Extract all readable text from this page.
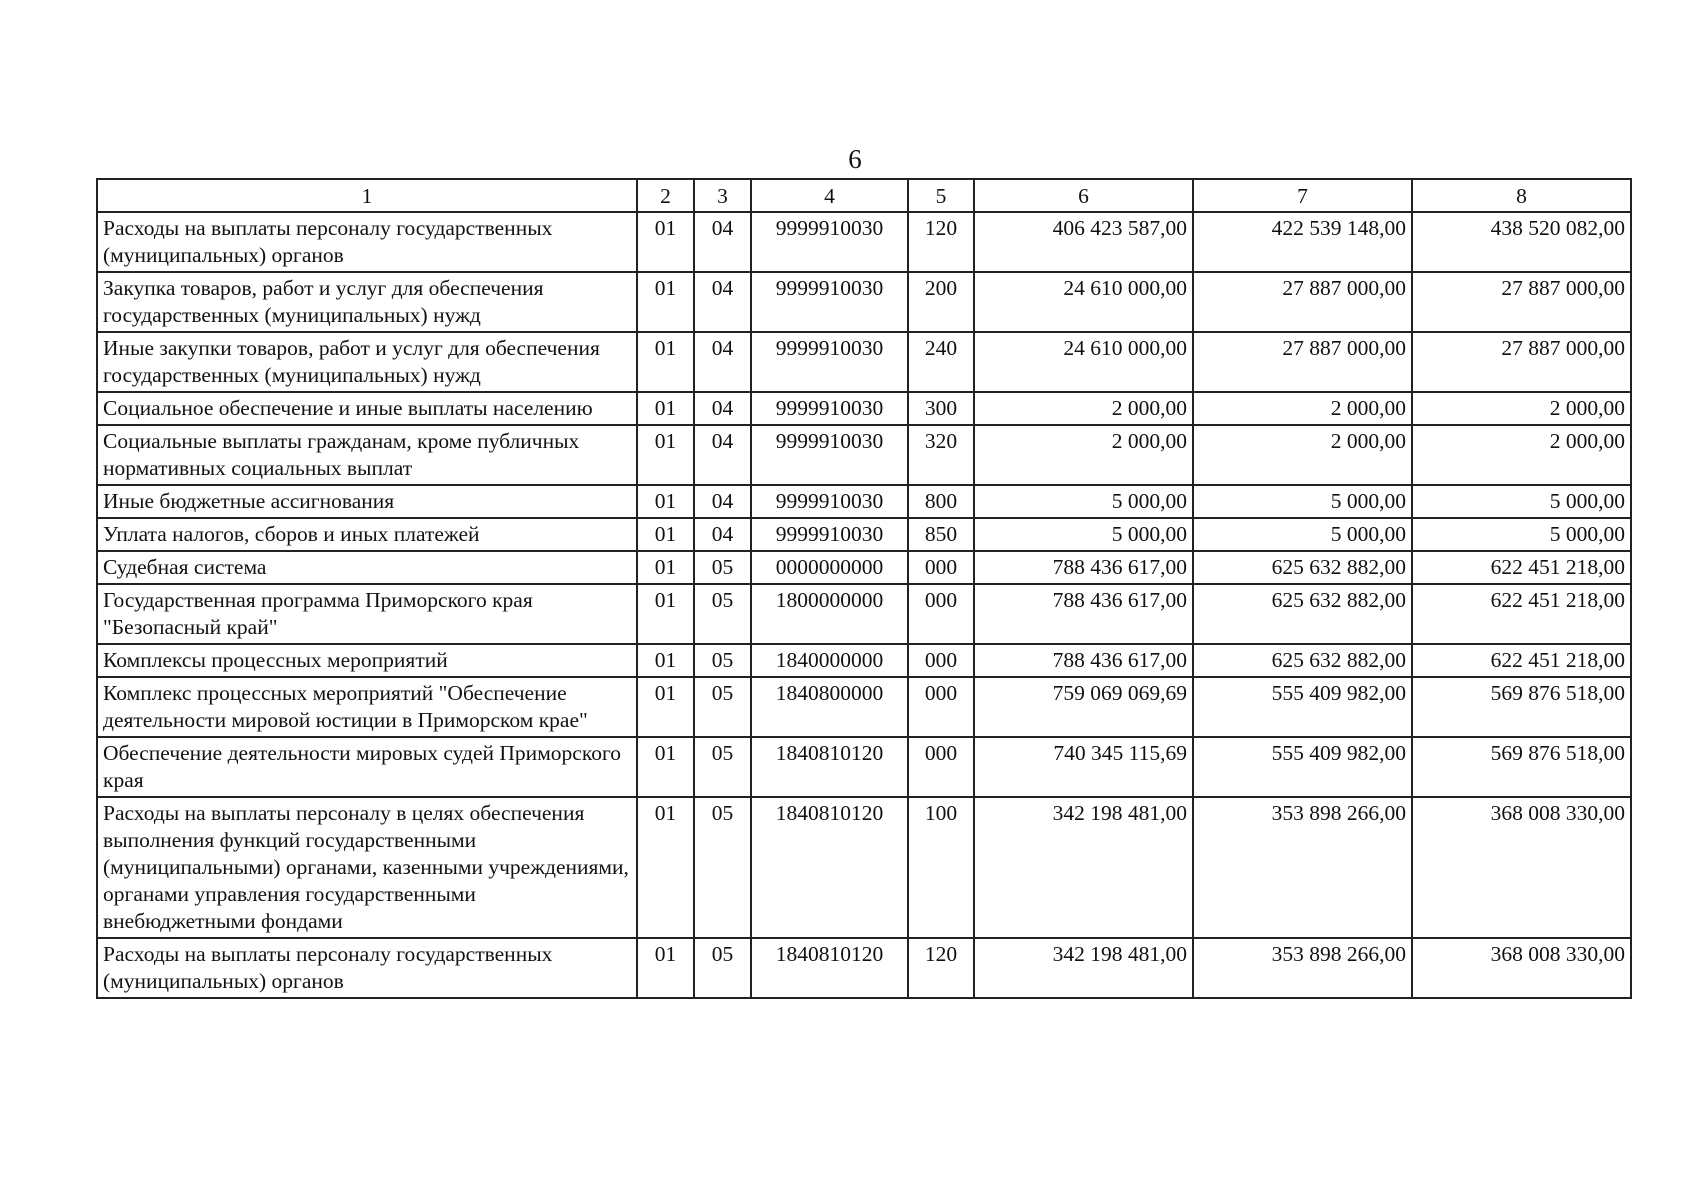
6
1	2	3	4	5	6	7	8
Расходы на выплаты персоналу государственных (муниципальных) органов	01	04	9999910030	120	406 423 587,00	422 539 148,00	438 520 082,00
Закупка товаров, работ и услуг для обеспечения государственных (муниципальных) нужд	01	04	9999910030	200	24 610 000,00	27 887 000,00	27 887 000,00
Иные закупки товаров, работ и услуг для обеспечения государственных (муниципальных) нужд	01	04	9999910030	240	24 610 000,00	27 887 000,00	27 887 000,00
Социальное обеспечение и иные выплаты населению	01	04	9999910030	300	2 000,00	2 000,00	2 000,00
Социальные выплаты гражданам, кроме публичных нормативных социальных выплат	01	04	9999910030	320	2 000,00	2 000,00	2 000,00
Иные бюджетные ассигнования	01	04	9999910030	800	5 000,00	5 000,00	5 000,00
Уплата налогов, сборов и иных платежей	01	04	9999910030	850	5 000,00	5 000,00	5 000,00
Судебная система	01	05	0000000000	000	788 436 617,00	625 632 882,00	622 451 218,00
Государственная программа Приморского края "Безопасный край"	01	05	1800000000	000	788 436 617,00	625 632 882,00	622 451 218,00
Комплексы процессных мероприятий	01	05	1840000000	000	788 436 617,00	625 632 882,00	622 451 218,00
Комплекс процессных мероприятий "Обеспечение деятельности мировой юстиции в Приморском крае"	01	05	1840800000	000	759 069 069,69	555 409 982,00	569 876 518,00
Обеспечение деятельности мировых судей Приморского края	01	05	1840810120	000	740 345 115,69	555 409 982,00	569 876 518,00
Расходы на выплаты персоналу в целях обеспечения выполнения функций государственными (муниципальными) органами, казенными учреждениями, органами управления государственными внебюджетными фондами	01	05	1840810120	100	342 198 481,00	353 898 266,00	368 008 330,00
Расходы на выплаты персоналу государственных (муниципальных) органов	01	05	1840810120	120	342 198 481,00	353 898 266,00	368 008 330,00
